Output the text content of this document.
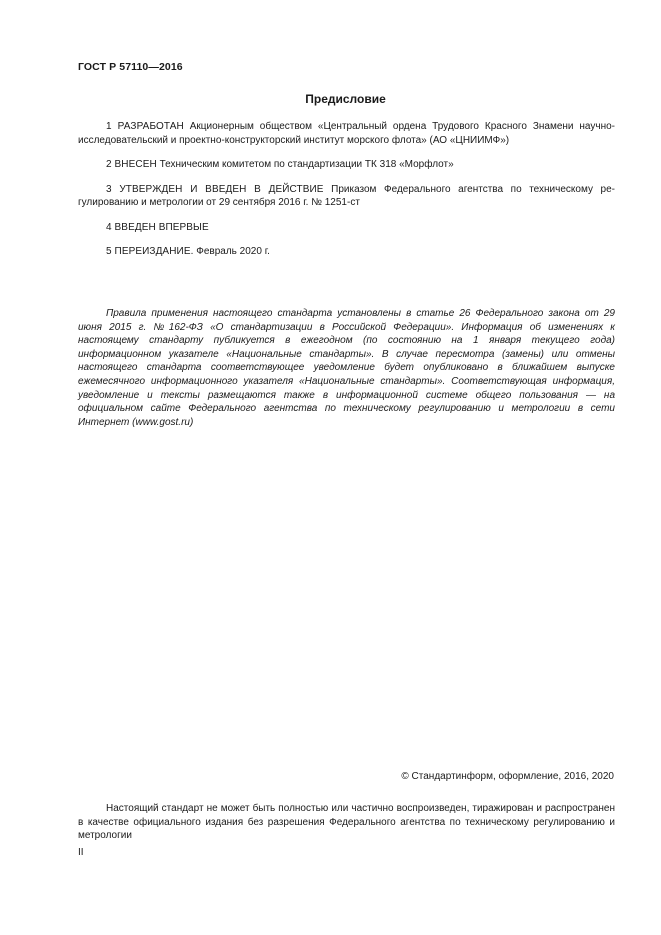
ГОСТ Р 57110—2016
Предисловие

1 РАЗРАБОТАН Акционерным обществом «Центральный ордена Трудового Красного Знамени научно-исследовательский и проектно-конструкторский институт морского флота» (АО «ЦНИИМФ»)

2 ВНЕСЕН Техническим комитетом по стандартизации ТК 318 «Морфлот»

3 УТВЕРЖДЕН И ВВЕДЕН В ДЕЙСТВИЕ Приказом Федерального агентства по техническому регулированию и метрологии от 29 сентября 2016 г. № 1251-ст

4 ВВЕДЕН ВПЕРВЫЕ

5 ПЕРЕИЗДАНИЕ. Февраль 2020 г.

Правила применения настоящего стандарта установлены в статье 26 Федерального закона от 29 июня 2015 г. №162-ФЗ «О стандартизации в Российской Федерации». Информация об изменениях к настоящему стандарту публикуется в ежегодном (по состоянию на 1 января текущего года) информационном указателе «Национальные стандарты». В случае пересмотра (замены) или отмены настоящего стандарта соответствующее уведомление будет опубликовано в ближайшем выпуске ежемесячного информационного указателя «Национальные стандарты». Соответствующая информация, уведомление и тексты размещаются также в информационной системе общего пользования — на официальном сайте Федерального агентства по техническому регулированию и метрологии в сети Интернет (www.gost.ru)
© Стандартинформ, оформление, 2016, 2020
Настоящий стандарт не может быть полностью или частично воспроизведен, тиражирован и распространен в качестве официального издания без разрешения Федерального агентства по техническому регулированию и метрологии
II
